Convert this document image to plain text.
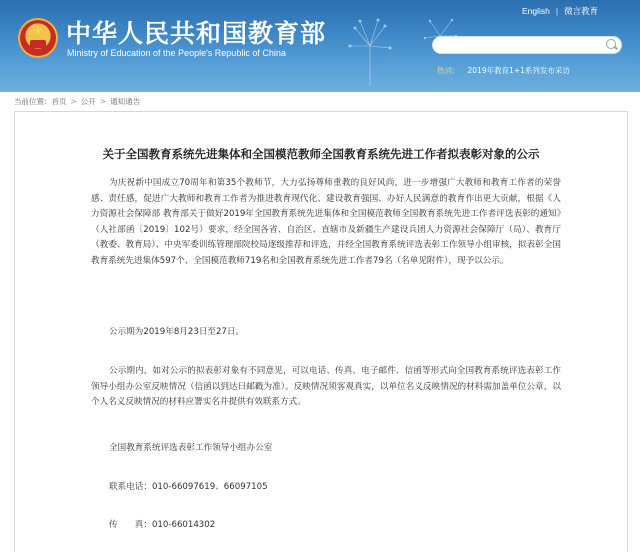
★ 中华人民共和国教育部
Ministry of Education of the People's Republic of China
English | 微言教育
热词： 2019年教育1+1系列发布采访
当前位置：首页 > 公开 > 通知通告
关于全国教育系统先进集体和全国模范教师全国教育系统先进工作者拟表彰对象的公示

为庆祝新中国成立70周年和第35个教师节，大力弘扬尊师重教的良好风尚，进一步增强广大教师和教育工作者的荣誉感、责任感，促进广大教师和教育工作者为推进教育现代化、建设教育强国、办好人民满意的教育作出更大贡献，根据《人力资源社会保障部 教育部关于做好2019年全国教育系统先进集体和全国模范教师全国教育系统先进工作者评选表彰的通知》（人社部函〔2019〕102号）要求，经全国各省、自治区、直辖市及新疆生产建设兵团人力资源社会保障厅（局）、教育厅（教委、教育局）、中央军委训练管理部院校局逐级推荐和评选，并经全国教育系统评选表彰工作领导小组审核，拟表彰全国教育系统先进集体597个、全国模范教师719名和全国教育系统先进工作者79名（名单见附件），现予以公示。

公示期为2019年8月23日至27日。

公示期内，如对公示的拟表彰对象有不同意见，可以电话、传真、电子邮件、信函等形式向全国教育系统评选表彰工作领导小组办公室反映情况（信函以到达日邮戳为准）。反映情况须客观真实，以单位名义反映情况的材料需加盖单位公章，以个人名义反映情况的材料应署实名并提供有效联系方式。

全国教育系统评选表彰工作领导小组办公室
联系电话：010-66097619、66097105
传　　真：010-66014302
